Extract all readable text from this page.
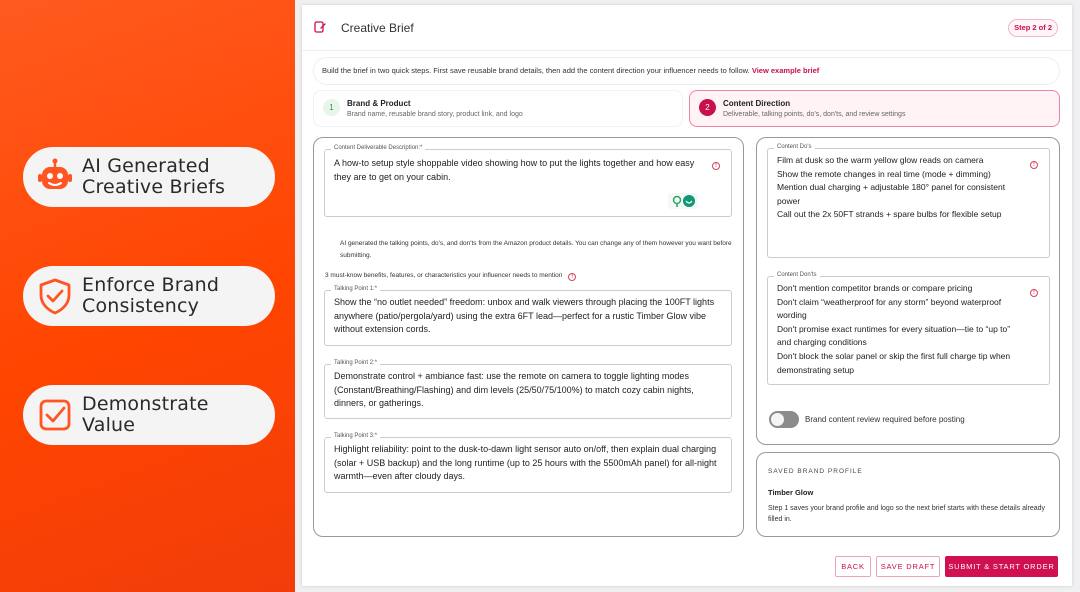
AI Generated
Creative Briefs
Enforce Brand
Consistency
Demonstrate
Value
Creative Brief	Step 2 of 2
Build the brief in two quick steps. First save reusable brand details, then add the content direction your influencer needs to follow. View example brief
1	Brand & Product
Brand name, reusable brand story, product link, and logo
2	Content Direction
Deliverable, talking points, do's, don'ts, and review settings
Content Deliverable Description:*
A how-to setup style shoppable video showing how to put the lights together and how easy they are to get on your cabin.
!
AI generated the talking points, do's, and don'ts from the Amazon product details. You can change any of them however you want before submitting.
3 must-know benefits, features, or characteristics your influencer needs to mention !
Talking Point 1:*
Show the “no outlet needed” freedom: unbox and walk viewers through placing the 100FT lights anywhere (patio/pergola/yard) using the extra 6FT lead—perfect for a rustic Timber Glow vibe without extension cords.
Talking Point 2:*
Demonstrate control + ambiance fast: use the remote on camera to toggle lighting modes (Constant/Breathing/Flashing) and dim levels (25/50/75/100%) to match cozy cabin nights, dinners, or gatherings.
Talking Point 3:*
Highlight reliability: point to the dusk-to-dawn light sensor auto on/off, then explain dual charging (solar + USB backup) and the long runtime (up to 25 hours with the 5500mAh panel) for all-night warmth—even after cloudy days.
Content Do's
Film at dusk so the warm yellow glow reads on camera
Show the remote changes in real time (mode + dimming)
Mention dual charging + adjustable 180° panel for consistent power
Call out the 2x 50FT strands + spare bulbs for flexible setup
!
Content Don'ts
Don't mention competitor brands or compare pricing
Don't claim “weatherproof for any storm” beyond waterproof wording
Don't promise exact runtimes for every situation—tie to “up to” and charging conditions
Don't block the solar panel or skip the first full charge tip when demonstrating setup
!
Brand content review required before posting
SAVED BRAND PROFILE
Timber Glow
Step 1 saves your brand profile and logo so the next brief starts with these details already filled in.
BACK	SAVE DRAFT	SUBMIT & START ORDER
